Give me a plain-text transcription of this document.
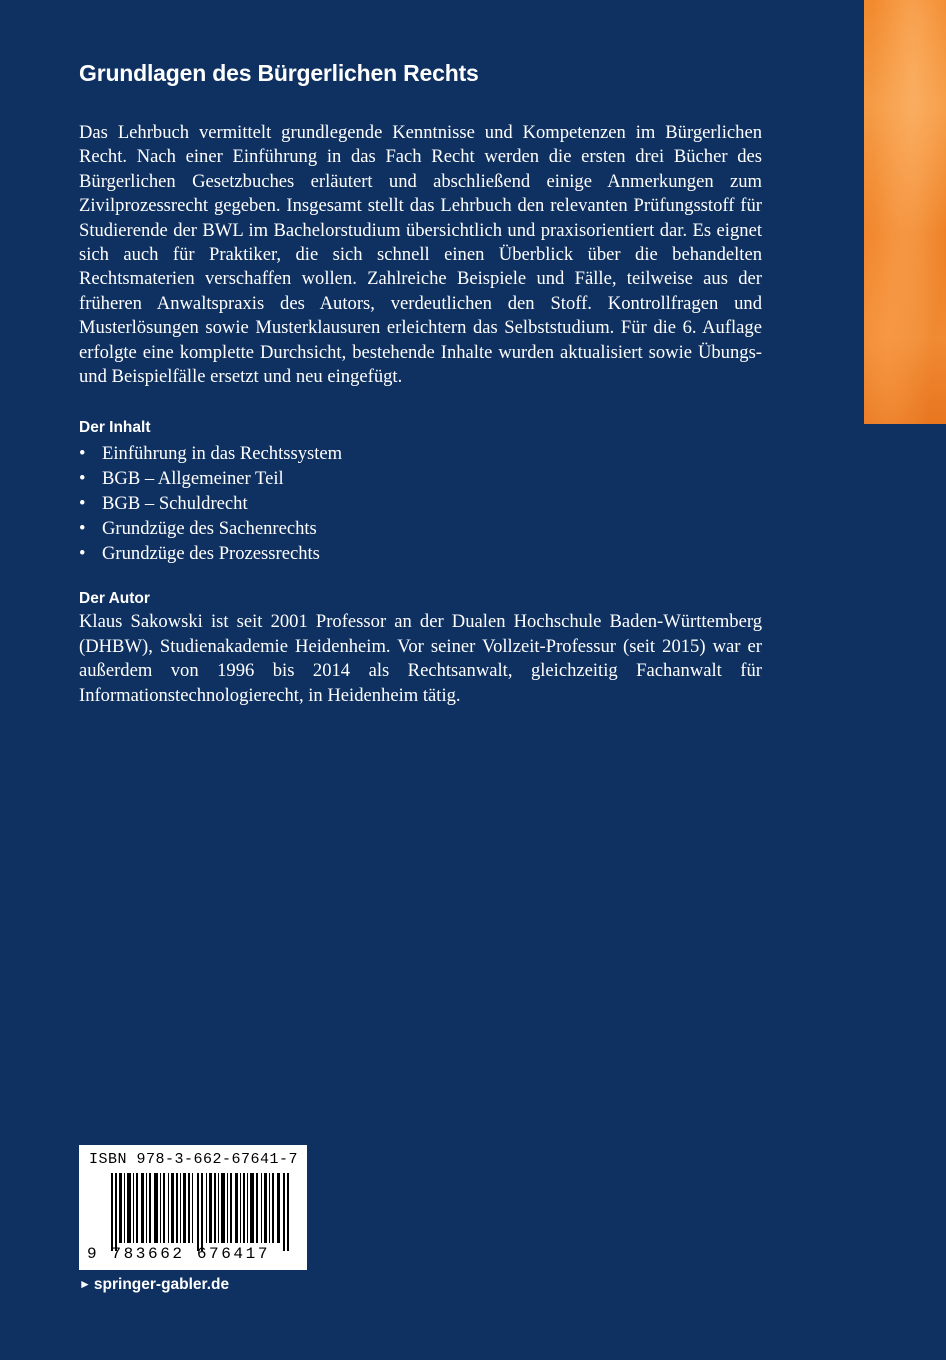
Grundlagen des Bürgerlichen Rechts

Das Lehrbuch vermittelt grundlegende Kenntnisse und Kompetenzen im Bürgerlichen Recht. Nach einer Einführung in das Fach Recht werden die ersten drei Bücher des Bürgerlichen Gesetzbuches erläutert und abschließend einige Anmerkungen zum Zivilprozessrecht gegeben. Insgesamt stellt das Lehrbuch den relevanten Prüfungsstoff für Studierende der BWL im Bachelorstudium übersichtlich und praxisorientiert dar. Es eignet sich auch für Praktiker, die sich schnell einen Überblick über die behandelten Rechtsmaterien verschaffen wollen. Zahlreiche Beispiele und Fälle, teilweise aus der früheren Anwaltspraxis des Autors, verdeutlichen den Stoff. Kontrollfragen und Musterlösungen sowie Musterklausuren erleichtern das Selbststudium. Für die 6. Auflage erfolgte eine komplette Durchsicht, bestehende Inhalte wurden aktualisiert sowie Übungs- und Beispielfälle ersetzt und neu eingefügt.

Der Inhalt
• Einführung in das Rechtssystem
• BGB – Allgemeiner Teil
• BGB – Schuldrecht
• Grundzüge des Sachenrechts
• Grundzüge des Prozessrechts
Der Autor

Klaus Sakowski ist seit 2001 Professor an der Dualen Hochschule Baden-Württemberg (DHBW), Studienakademie Heidenheim. Vor seiner Vollzeit-Professur (seit 2015) war er außerdem von 1996 bis 2014 als Rechtsanwalt, gleichzeitig Fachanwalt für Informationstechnologierecht, in Heidenheim tätig.

ISBN 978-3-662-67641-7
9 783662 676417
► springer-gabler.de
